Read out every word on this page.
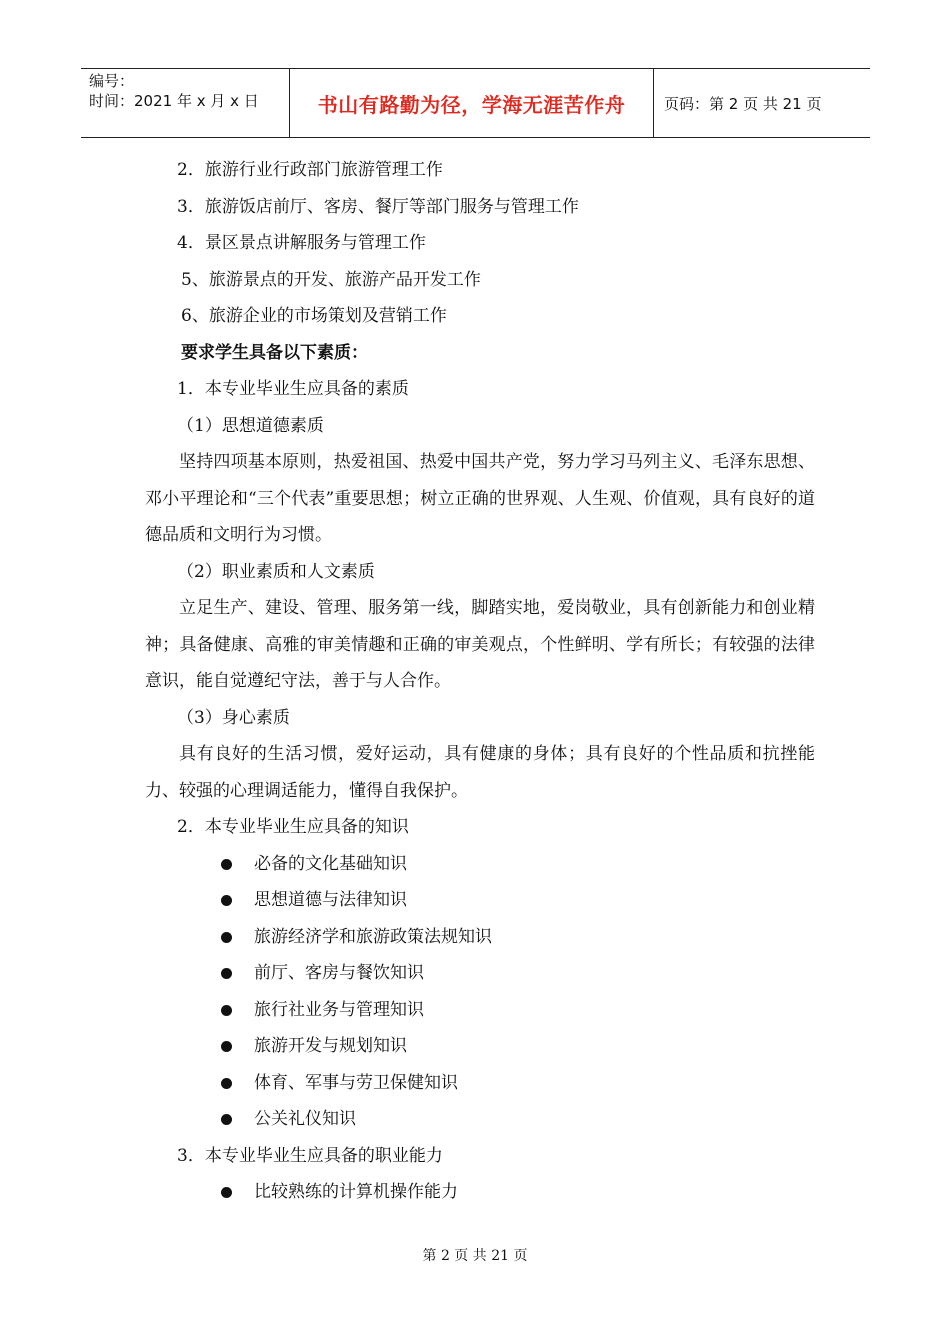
编号：
时间：2021 年 x 月 x 日	书山有路勤为径，学海无涯苦作舟	页码：第 2 页 共 21 页
2．旅游行业行政部门旅游管理工作
3．旅游饭店前厅、客房、餐厅等部门服务与管理工作
4．景区景点讲解服务与管理工作
5、旅游景点的开发、旅游产品开发工作
6、旅游企业的市场策划及营销工作
要求学生具备以下素质：
1．本专业毕业生应具备的素质
（1）思想道德素质

坚持四项基本原则，热爱祖国、热爱中国共产党，努力学习马列主义、毛泽东思想、邓小平理论和“三个代表”重要思想；树立正确的世界观、人生观、价值观，具有良好的道德品质和文明行为习惯。

（2）职业素质和人文素质

立足生产、建设、管理、服务第一线，脚踏实地，爱岗敬业，具有创新能力和创业精神；具备健康、高雅的审美情趣和正确的审美观点，个性鲜明、学有所长；有较强的法律意识，能自觉遵纪守法，善于与人合作。

（3）身心素质

具有良好的生活习惯，爱好运动，具有健康的身体；具有良好的个性品质和抗挫能力、较强的心理调适能力，懂得自我保护。

2．本专业毕业生应具备的知识
必备的文化基础知识
思想道德与法律知识
旅游经济学和旅游政策法规知识
前厅、客房与餐饮知识
旅行社业务与管理知识
旅游开发与规划知识
体育、军事与劳卫保健知识
公关礼仪知识
3．本专业毕业生应具备的职业能力
比较熟练的计算机操作能力
第 2 页 共 21 页
